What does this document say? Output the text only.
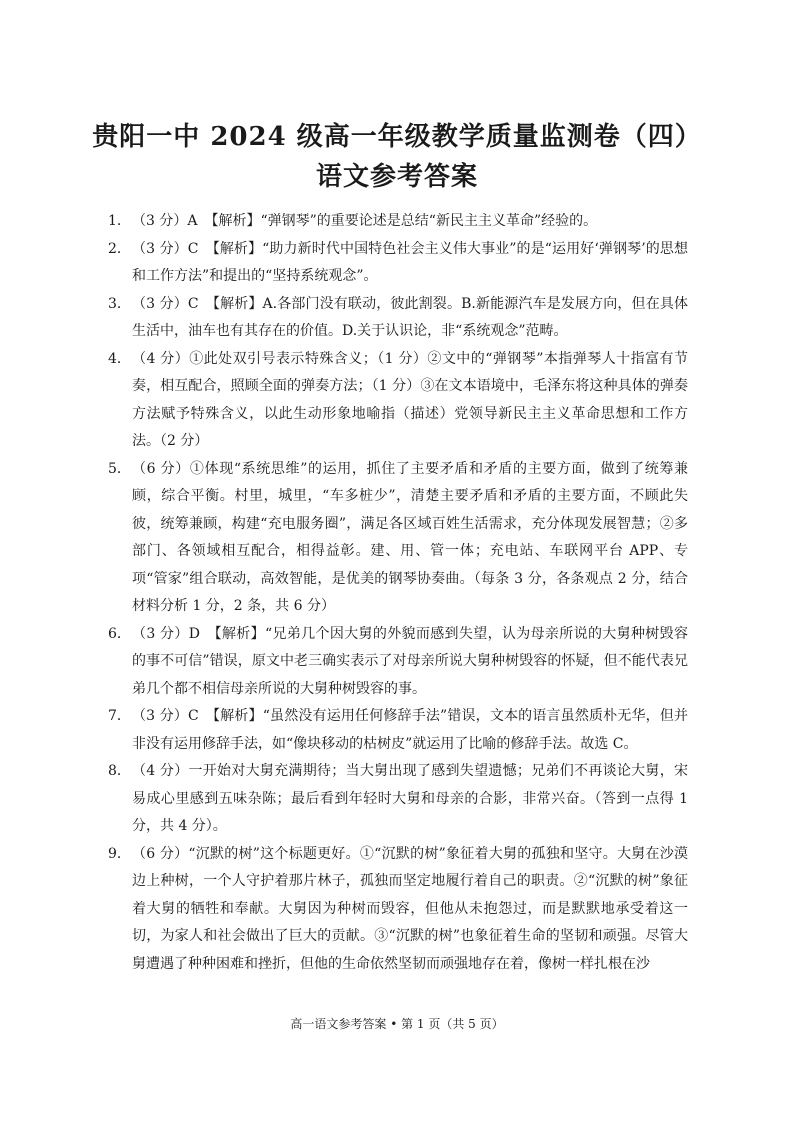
贵阳一中 2024 级高一年级教学质量监测卷（四）
语文参考答案
1． （3 分）A　【解析】“弹钢琴”的重要论述是总结“新民主主义革命”经验的。
2． （3 分）C　【解析】“助力新时代中国特色社会主义伟大事业”的是“运用好‘弹钢琴’的思想和工作方法”和提出的“坚持系统观念”。
3． （3 分）C　【解析】A.各部门没有联动，彼此割裂。B.新能源汽车是发展方向，但在具体生活中，油车也有其存在的价值。D.关于认识论，非“系统观念”范畴。
4． （4 分）①此处双引号表示特殊含义；（1 分）②文中的“弹钢琴”本指弹琴人十指富有节奏，相互配合，照顾全面的弹奏方法；（1 分）③在文本语境中，毛泽东将这种具体的弹奏方法赋予特殊含义，以此生动形象地喻指（描述）党领导新民主主义革命思想和工作方法。（2 分）
5． （6 分）①体现“系统思维”的运用，抓住了主要矛盾和矛盾的主要方面，做到了统筹兼顾，综合平衡。村里，城里，“车多桩少”，清楚主要矛盾和矛盾的主要方面，不顾此失彼，统筹兼顾，构建“充电服务圈”，满足各区域百姓生活需求，充分体现发展智慧；②多部门、各领域相互配合，相得益彰。建、用、管一体；充电站、车联网平台 APP、专项“管家”组合联动，高效智能，是优美的钢琴协奏曲。（每条 3 分，各条观点 2 分，结合材料分析 1 分，2 条，共 6 分）
6． （3 分）D　【解析】“兄弟几个因大舅的外貌而感到失望，认为母亲所说的大舅种树毁容的事不可信”错误，原文中老三确实表示了对母亲所说大舅种树毁容的怀疑，但不能代表兄弟几个都不相信母亲所说的大舅种树毁容的事。
7． （3 分）C　【解析】“虽然没有运用任何修辞手法”错误，文本的语言虽然质朴无华，但并非没有运用修辞手法，如“像块移动的枯树皮”就运用了比喻的修辞手法。故选 C。
8． （4 分）一开始对大舅充满期待；当大舅出现了感到失望遗憾；兄弟们不再谈论大舅，宋易成心里感到五味杂陈；最后看到年轻时大舅和母亲的合影，非常兴奋。（答到一点得 1 分，共 4 分）。
9． （6 分）“沉默的树”这个标题更好。①“沉默的树”象征着大舅的孤独和坚守。大舅在沙漠边上种树，一个人守护着那片林子，孤独而坚定地履行着自己的职责。②“沉默的树”象征着大舅的牺牲和奉献。大舅因为种树而毁容，但他从未抱怨过，而是默默地承受着这一切，为家人和社会做出了巨大的贡献。③“沉默的树”也象征着生命的坚韧和顽强。尽管大舅遭遇了种种困难和挫折，但他的生命依然坚韧而顽强地存在着，像树一样扎根在沙
高一语文参考答案 • 第 1 页（共 5 页）
